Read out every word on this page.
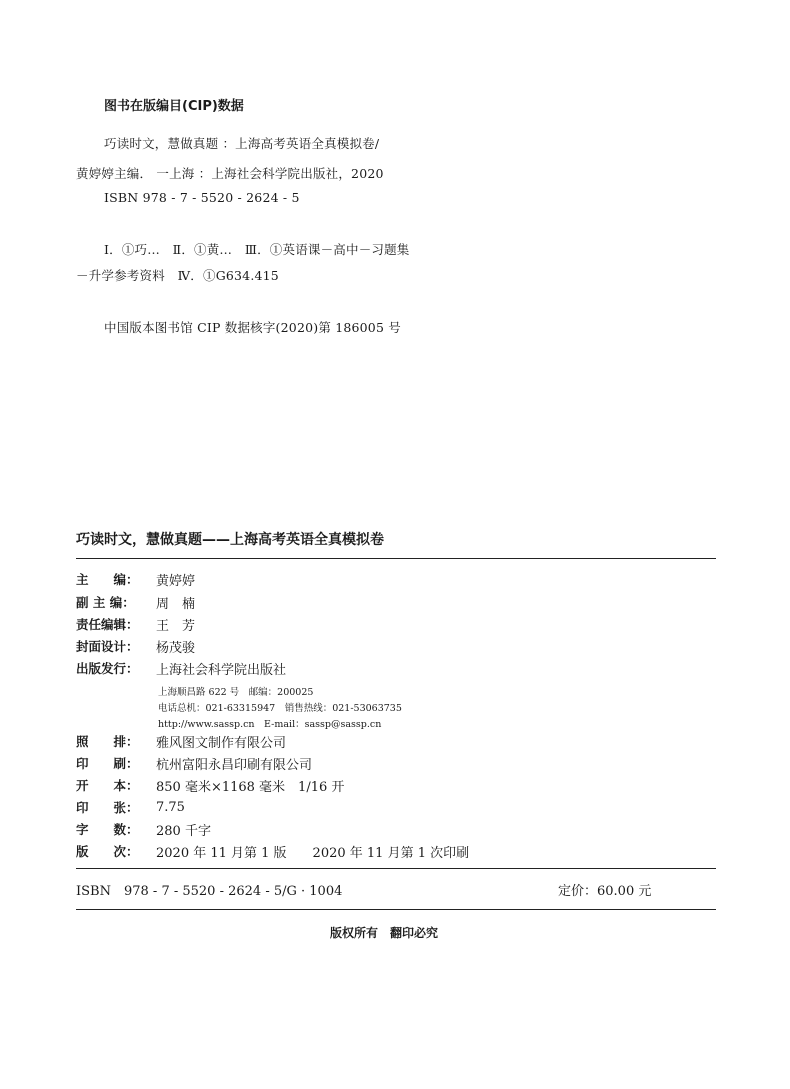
图书在版编目(CIP)数据
巧读时文，慧做真题 ：上海高考英语全真模拟卷/
黄婷婷主编． 一上海 ：上海社会科学院出版社，2020
ISBN 978 - 7 - 5520 - 2624 - 5
Ⅰ．①巧…　Ⅱ．①黄…　Ⅲ．①英语课－高中－习题集
－升学参考资料　Ⅳ．①G634.415
中国版本图书馆 CIP 数据核字(2020)第 186005 号
巧读时文，慧做真题——上海高考英语全真模拟卷
主　　编：	黄婷婷
副 主 编：	周　楠
责任编辑：	王　芳
封面设计：	杨茂骏
出版发行：	上海社会科学院出版社
上海顺昌路 622 号　邮编：200025
电话总机：021-63315947　销售热线：021-53063735
http://www.sassp.cn　E-mail：sassp@sassp.cn
照　　排：	雅风图文制作有限公司
印　　刷：	杭州富阳永昌印刷有限公司
开　　本：	850 毫米×1168 毫米　1/16 开
印　　张：	7.75
字　　数：	280 千字
版　　次：	2020 年 11 月第 1 版　　2020 年 11 月第 1 次印刷
ISBN　978 - 7 - 5520 - 2624 - 5/G · 1004	定价：60.00 元
版权所有　翻印必究
